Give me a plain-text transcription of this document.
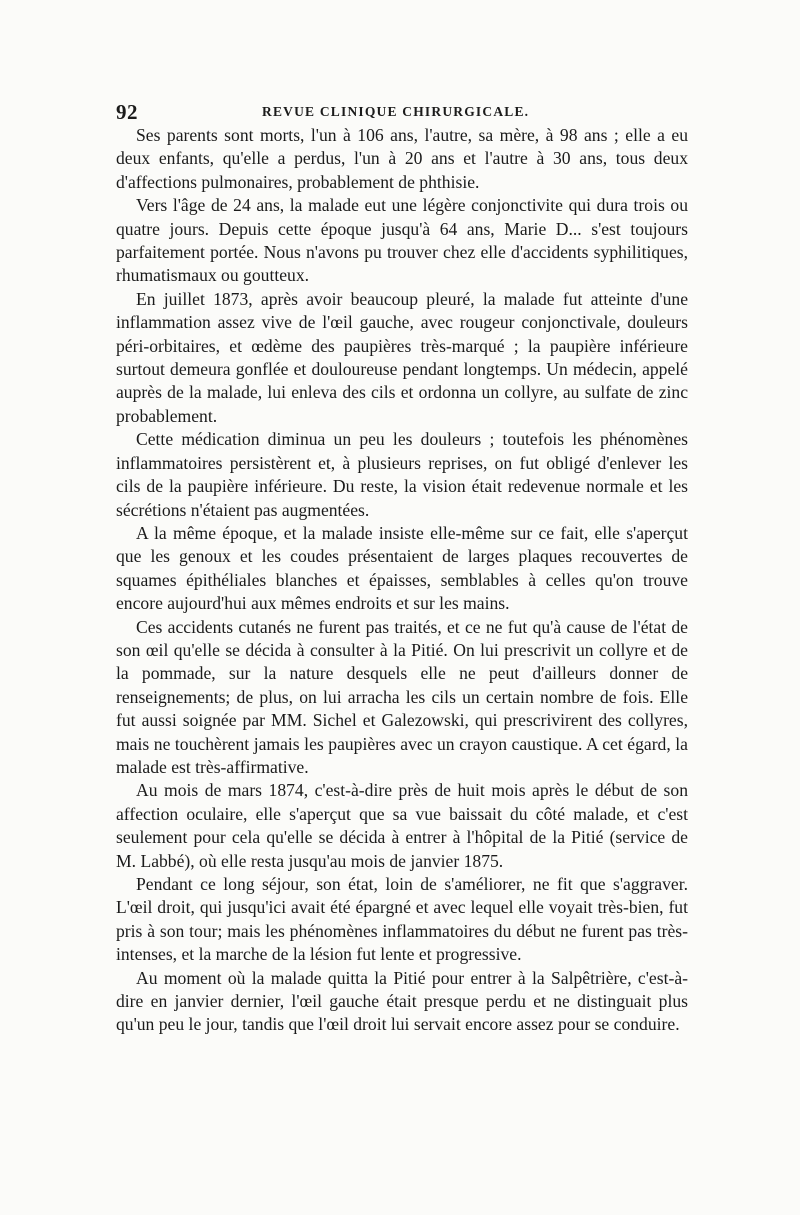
92	REVUE CLINIQUE CHIRURGICALE.

Ses parents sont morts, l'un à 106 ans, l'autre, sa mère, à 98 ans ; elle a eu deux enfants, qu'elle a perdus, l'un à 20 ans et l'autre à 30 ans, tous deux d'affections pulmonaires, probablement de phthisie.

Vers l'âge de 24 ans, la malade eut une légère conjonctivite qui dura trois ou quatre jours. Depuis cette époque jusqu'à 64 ans, Marie D... s'est toujours parfaitement portée. Nous n'avons pu trouver chez elle d'accidents syphilitiques, rhumatismaux ou goutteux.

En juillet 1873, après avoir beaucoup pleuré, la malade fut atteinte d'une inflammation assez vive de l'œil gauche, avec rougeur conjonctivale, douleurs péri-orbitaires, et œdème des paupières très-marqué ; la paupière inférieure surtout demeura gonflée et douloureuse pendant longtemps. Un médecin, appelé auprès de la malade, lui enleva des cils et ordonna un collyre, au sulfate de zinc probablement.

Cette médication diminua un peu les douleurs ; toutefois les phénomènes inflammatoires persistèrent et, à plusieurs reprises, on fut obligé d'enlever les cils de la paupière inférieure. Du reste, la vision était redevenue normale et les sécrétions n'étaient pas augmentées.

A la même époque, et la malade insiste elle-même sur ce fait, elle s'aperçut que les genoux et les coudes présentaient de larges plaques recouvertes de squames épithéliales blanches et épaisses, semblables à celles qu'on trouve encore aujourd'hui aux mêmes endroits et sur les mains.

Ces accidents cutanés ne furent pas traités, et ce ne fut qu'à cause de l'état de son œil qu'elle se décida à consulter à la Pitié. On lui prescrivit un collyre et de la pommade, sur la nature desquels elle ne peut d'ailleurs donner de renseignements; de plus, on lui arracha les cils un certain nombre de fois. Elle fut aussi soignée par MM. Sichel et Galezowski, qui prescrivirent des collyres, mais ne touchèrent jamais les paupières avec un crayon caustique. A cet égard, la malade est très-affirmative.

Au mois de mars 1874, c'est-à-dire près de huit mois après le début de son affection oculaire, elle s'aperçut que sa vue baissait du côté malade, et c'est seulement pour cela qu'elle se décida à entrer à l'hôpital de la Pitié (service de M. Labbé), où elle resta jusqu'au mois de janvier 1875.

Pendant ce long séjour, son état, loin de s'améliorer, ne fit que s'aggraver. L'œil droit, qui jusqu'ici avait été épargné et avec lequel elle voyait très-bien, fut pris à son tour; mais les phénomènes inflammatoires du début ne furent pas très-intenses, et la marche de la lésion fut lente et progressive.

Au moment où la malade quitta la Pitié pour entrer à la Salpêtrière, c'est-à-dire en janvier dernier, l'œil gauche était presque perdu et ne distinguait plus qu'un peu le jour, tandis que l'œil droit lui servait encore assez pour se conduire.
